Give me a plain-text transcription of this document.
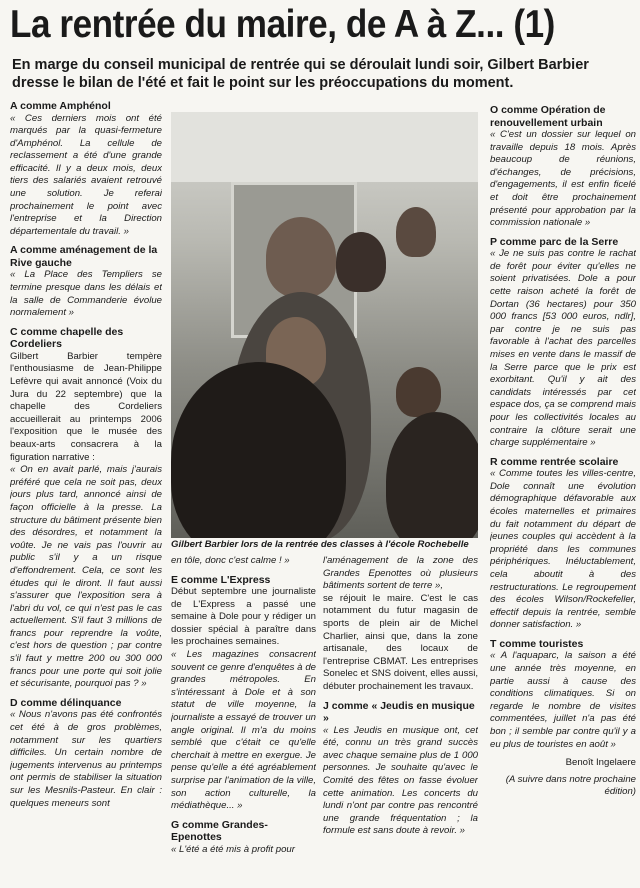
La rentrée du maire, de A à Z... (1)
En marge du conseil municipal de rentrée qui se déroulait lundi soir, Gilbert Barbier dresse le bilan de l'été et fait le point sur les préoccupations du moment.
A comme Amphénol

« Ces derniers mois ont été marqués par la quasi-fermeture d'Amphénol. La cellule de reclassement a été d'une grande efficacité. Il y a deux mois, deux tiers des salariés avaient retrouvé une solution. Je referai prochainement le point avec l'entreprise et la Direction départementale du travail. »

A comme aménagement de la Rive gauche

« La Place des Templiers se termine presque dans les délais et la salle de Commanderie évolue normalement »

C comme chapelle des Cordeliers

Gilbert Barbier tempère l'enthousiasme de Jean-Philippe Lefèvre qui avait annoncé (Voix du Jura du 22 septembre) que la chapelle des Cordeliers accueillerait au printemps 2006 l'exposition que le musée des beaux-arts consacrera à la figuration narrative :

« On en avait parlé, mais j'aurais préféré que cela ne soit pas, deux jours plus tard, annoncé ainsi de façon officielle à la presse. La structure du bâtiment présente bien des désordres, et notamment la voûte. Je ne vais pas l'ouvrir au public s'il y a un risque d'effondrement. Cela, ce sont les études qui le diront. Il faut aussi s'assurer que l'exposition sera à l'abri du vol, ce qui n'est pas le cas actuellement. S'il faut 3 millions de francs pour reprendre la voûte, c'est hors de question ; par contre s'il faut y mettre 200 ou 300 000 francs pour une porte qui soit jolie et sécurisante, pourquoi pas ? »

D comme délinquance

« Nous n'avons pas été confrontés cet été à de gros problèmes, notamment sur les quartiers difficiles. Un certain nombre de jugements intervenus au printemps ont permis de stabiliser la situation sur les Mesnils-Pasteur. En clair : quelques meneurs sont

Gilbert Barbier lors de la rentrée des classes à l'école Rochebelle

en tôle, donc c'est calme ! »

E comme L'Express

Début septembre une journaliste de L'Express a passé une semaine à Dole pour y rédiger un dossier spécial à paraître dans les prochaines semaines.

« Les magazines consacrent souvent ce genre d'enquêtes à de grandes métropoles. En s'intéressant à Dole et à son statut de ville moyenne, la journaliste a essayé de trouver un angle original. Il m'a du moins semblé que c'était ce qu'elle cherchait à mettre en exergue. Je pense qu'elle a été agréablement surprise par l'animation de la ville, son action culturelle, la médiathèque... »

G comme Grandes-Epenottes

« L'été a été mis à profit pour

l'aménagement de la zone des Grandes Epenottes où plusieurs bâtiments sortent de terre »,

se réjouit le maire. C'est le cas notamment du futur magasin de sports de plein air de Michel Charlier, ainsi que, dans la zone artisanale, des locaux de l'entreprise CBMAT. Les entreprises Sonelec et SNS doivent, elles aussi, débuter prochainement les travaux.

J comme « Jeudis en musique »

« Les Jeudis en musique ont, cet été, connu un très grand succès avec chaque semaine plus de 1 000 personnes. Je souhaite qu'avec le Comité des fêtes on fasse évoluer cette animation. Les concerts du lundi n'ont par contre pas rencontré une grande fréquentation ; la formule est sans doute à revoir. »

O comme Opération de renouvellement urbain

« C'est un dossier sur lequel on travaille depuis 18 mois. Après beaucoup de réunions, d'échanges, de précisions, d'engagements, il est enfin ficelé et doit être prochainement présenté pour approbation par la commission nationale »

P comme parc de la Serre

« Je ne suis pas contre le rachat de forêt pour éviter qu'elles ne soient privatisées. Dole a pour cette raison acheté la forêt de Dortan (36 hectares) pour 350 000 francs [53 000 euros, ndlr], par contre je ne suis pas favorable à l'achat des parcelles mises en vente dans le massif de la Serre parce que le prix est exorbitant. Qu'il y ait des candidats intéressés par cet espace dos, ça se comprend mais pour les collectivités locales au contraire la clôture serait une charge supplémentaire »

R comme rentrée scolaire

« Comme toutes les villes-centre, Dole connaît une évolution démographique défavorable aux écoles maternelles et primaires du fait notamment du départ de jeunes couples qui accèdent à la propriété dans les communes périphériques. Inéluctablement, cela aboutit à des restructurations. Le regroupement des écoles Wilson/Rockefeller, effectif depuis la rentrée, semble donner satisfaction. »

T comme touristes

« A l'aquaparc, la saison a été une année très moyenne, en partie aussi à cause des conditions climatiques. Si on regarde le nombre de visites commentées, juillet n'a pas été bon ; il semble par contre qu'il y a eu plus de touristes en août »

Benoît Ingelaere
(A suivre dans notre prochaine édition)
